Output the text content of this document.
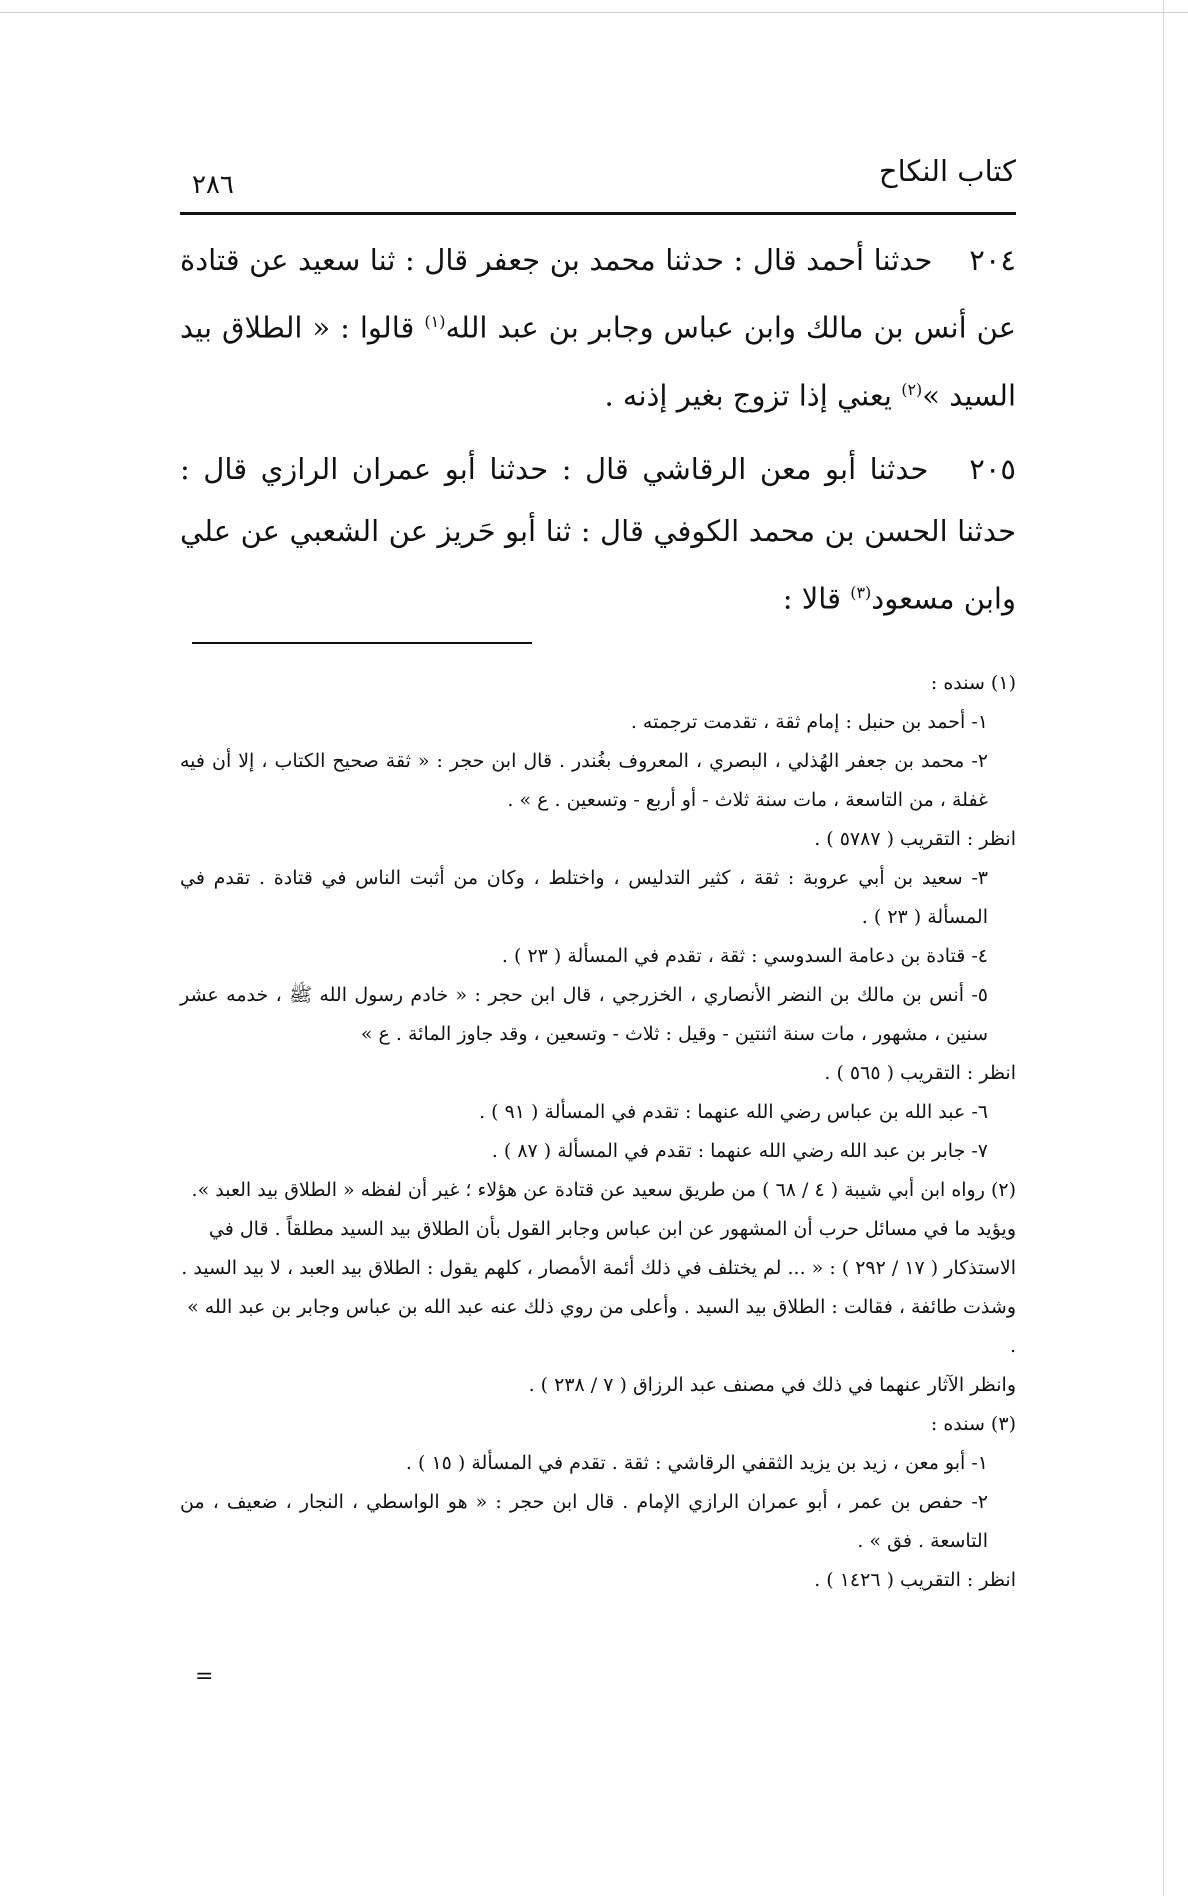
كتاب النكاح
٢٨٦

٢٠٤ حدثنا أحمد قال : حدثنا محمد بن جعفر قال : ثنا سعيد عن قتادة عن أنس بن مالك وابن عباس وجابر بن عبد الله$^{(١)}$ قالوا : « الطلاق بيد السيد »$^{(٢)}$ يعني إذا تزوج بغير إذنه .

٢٠٥ حدثنا أبو معن الرقاشي قال : حدثنا أبو عمران الرازي قال : حدثنا الحسن بن محمد الكوفي قال : ثنا أبو حَريز عن الشعبي عن علي وابن مسعود$^{(٣)}$ قالا :

(١) سنده :

١- أحمد بن حنبل : إمام ثقة ، تقدمت ترجمته .

٢- محمد بن جعفر الهُذلي ، البصري ، المعروف بغُندر . قال ابن حجر : « ثقة صحيح الكتاب ، إلا أن فيه غفلة ، من التاسعة ، مات سنة ثلاث - أو أربع - وتسعين . ع » .

انظر : التقريب ( ٥٧٨٧ ) .

٣- سعيد بن أبي عروبة : ثقة ، كثير التدليس ، واختلط ، وكان من أثبت الناس في قتادة . تقدم في المسألة ( ٢٣ ) .

٤- قتادة بن دعامة السدوسي : ثقة ، تقدم في المسألة ( ٢٣ ) .

٥- أنس بن مالك بن النضر الأنصاري ، الخزرجي ، قال ابن حجر : « خادم رسول الله ﷺ ، خدمه عشر سنين ، مشهور ، مات سنة اثنتين - وقيل : ثلاث - وتسعين ، وقد جاوز المائة . ع »

انظر : التقريب ( ٥٦٥ ) .

٦- عبد الله بن عباس رضي الله عنهما : تقدم في المسألة ( ٩١ ) .

٧- جابر بن عبد الله رضي الله عنهما : تقدم في المسألة ( ٨٧ ) .

(٢) رواه ابن أبي شيبة ( ٤ / ٦٨ ) من طريق سعيد عن قتادة عن هؤلاء ؛ غير أن لفظه « الطلاق بيد العبد ». ويؤيد ما في مسائل حرب أن المشهور عن ابن عباس وجابر القول بأن الطلاق بيد السيد مطلقاً . قال في الاستذكار ( ١٧ / ٢٩٢ ) : « ... لم يختلف في ذلك أئمة الأمصار ، كلهم يقول : الطلاق بيد العبد ، لا بيد السيد . وشذت طائفة ، فقالت : الطلاق بيد السيد . وأعلى من روي ذلك عنه عبد الله بن عباس وجابر بن عبد الله » .

وانظر الآثار عنهما في ذلك في مصنف عبد الرزاق ( ٧ / ٢٣٨ ) .

(٣) سنده :

١- أبو معن ، زيد بن يزيد الثقفي الرقاشي : ثقة . تقدم في المسألة ( ١٥ ) .

٢- حفص بن عمر ، أبو عمران الرازي الإمام . قال ابن حجر : « هو الواسطي ، النجار ، ضعيف ، من التاسعة . فق » .

انظر : التقريب ( ١٤٢٦ ) .

=
